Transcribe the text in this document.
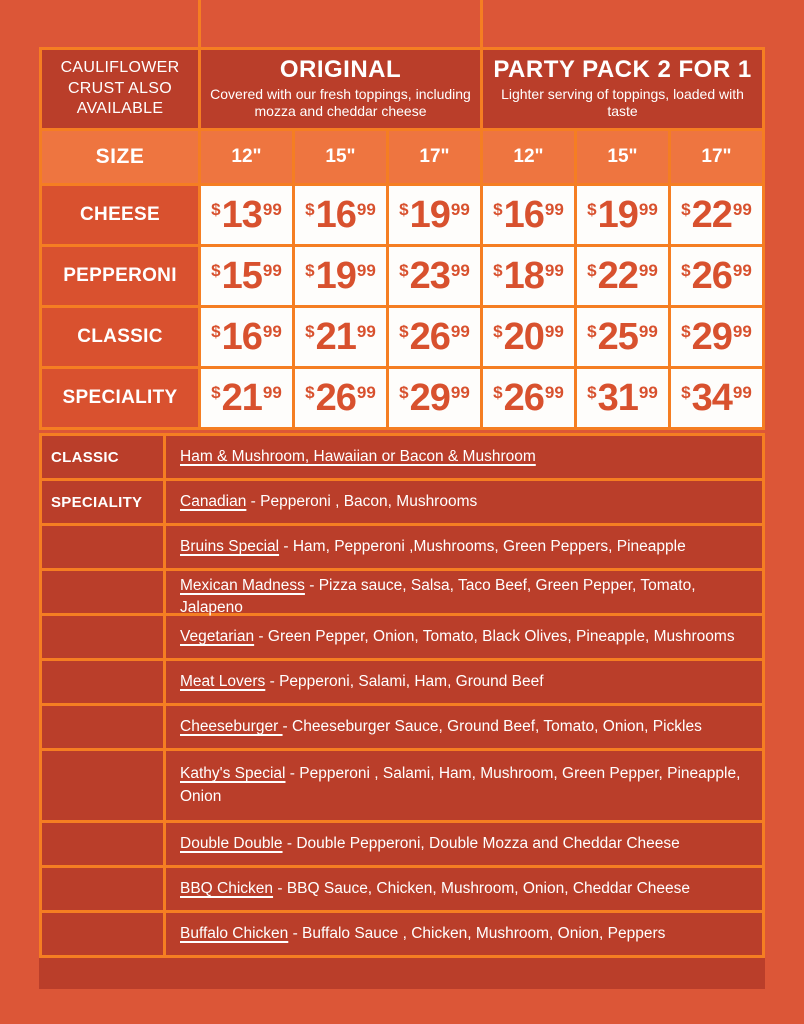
CAULIFLOWER
CRUST ALSO
AVAILABLE
ORIGINAL
Covered with our fresh toppings, including mozza and cheddar cheese
PARTY PACK 2 FOR 1
Lighter serving of toppings, loaded with taste
SIZE	12"	15"	17"	12"	15"	17"
CHEESE	$ 13 99 $ 16 99 $ 19 99 $ 16 99 $ 19 99 $ 22 99
PEPPERONI	$ 15 99 $ 19 99 $ 23 99 $ 18 99 $ 22 99 $ 26 99
CLASSIC	$ 16 99 $ 21 99 $ 26 99 $ 20 99 $ 25 99 $ 29 99
SPECIALITY	$ 21 99 $ 26 99 $ 29 99 $ 26 99 $ 31 99 $ 34 99
CLASSIC	Ham & Mushroom, Hawaiian or Bacon & Mushroom
SPECIALITY	Canadian - Pepperoni , Bacon, Mushrooms
Bruins Special - Ham, Pepperoni ,Mushrooms, Green Peppers, Pineapple
Mexican Madness - Pizza sauce, Salsa, Taco Beef, Green Pepper, Tomato, Jalapeno
Vegetarian - Green Pepper, Onion, Tomato, Black Olives, Pineapple, Mushrooms
Meat Lovers - Pepperoni, Salami, Ham, Ground Beef
Cheeseburger - Cheeseburger Sauce, Ground Beef, Tomato, Onion, Pickles
Kathy's Special - Pepperoni , Salami, Ham, Mushroom, Green Pepper, Pineapple, Onion
Double Double - Double Pepperoni, Double Mozza and Cheddar Cheese
BBQ Chicken - BBQ Sauce, Chicken, Mushroom, Onion, Cheddar Cheese
Buffalo Chicken - Buffalo Sauce , Chicken, Mushroom, Onion, Peppers
